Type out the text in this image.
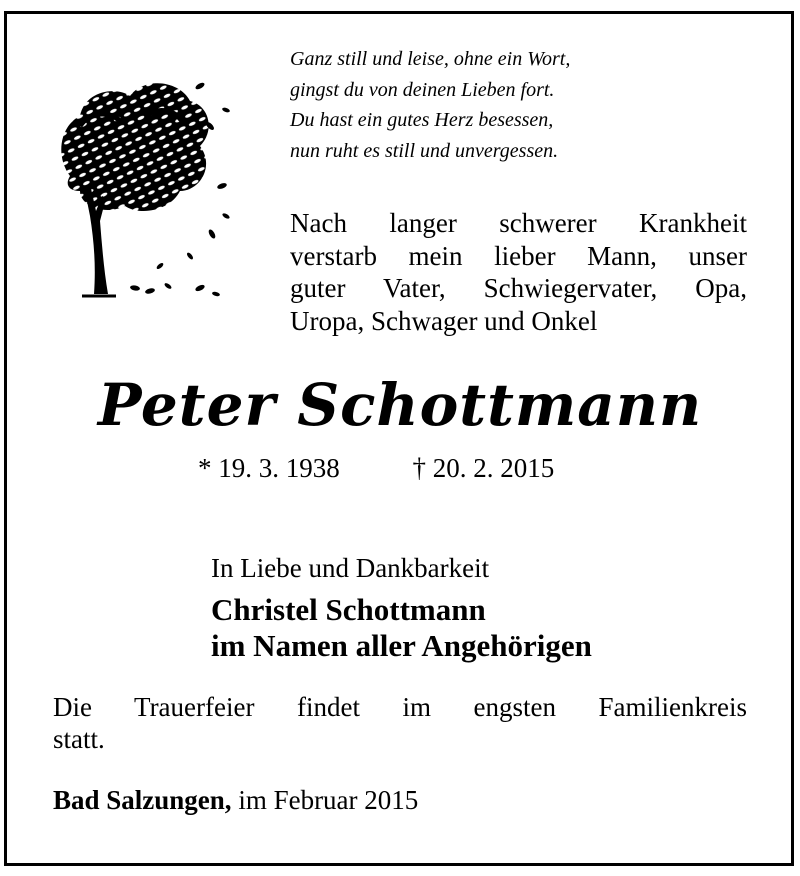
Ganz still und leise, ohne ein Wort,
gingst du von deinen Lieben fort.
Du hast ein gutes Herz besessen,
nun ruht es still und unvergessen.
Nach langer schwerer Krankheit
verstarb mein lieber Mann, unser
guter Vater, Schwiegervater, Opa,
Uropa, Schwager und Onkel
Peter Schottmann
* 19. 3. 1938	† 20. 2. 2015
In Liebe und Dankbarkeit
Christel Schottmann
im Namen aller Angehörigen
Die Trauerfeier findet im engsten Familienkreis
statt.
Bad Salzungen, im Februar 2015
